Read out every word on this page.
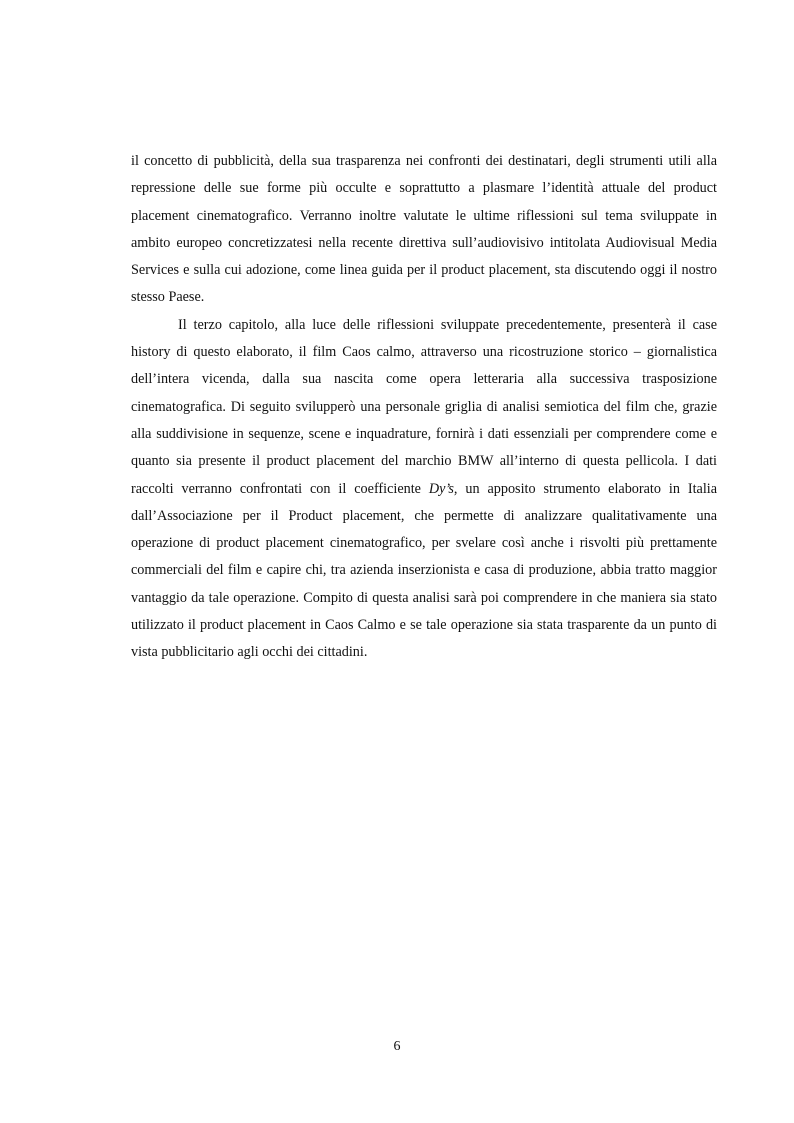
il concetto di pubblicità, della sua trasparenza nei confronti dei destinatari, degli strumenti utili alla repressione delle sue forme più occulte e soprattutto a plasmare l’identità attuale del product placement cinematografico. Verranno inoltre valutate le ultime riflessioni sul tema sviluppate in ambito europeo concretizzatesi nella recente direttiva sull’audiovisivo intitolata Audiovisual Media Services e sulla cui adozione, come linea guida per il product placement, sta discutendo oggi il nostro stesso Paese.

Il terzo capitolo, alla luce delle riflessioni sviluppate precedentemente, presenterà il case history di questo elaborato, il film Caos calmo, attraverso una ricostruzione storico – giornalistica dell’intera vicenda, dalla sua nascita come opera letteraria alla successiva trasposizione cinematografica. Di seguito svilupperò una personale griglia di analisi semiotica del film che, grazie alla suddivisione in sequenze, scene e inquadrature, fornirà i dati essenziali per comprendere come e quanto sia presente il product placement del marchio BMW all’interno di questa pellicola. I dati raccolti verranno confrontati con il coefficiente Dy’s, un apposito strumento elaborato in Italia dall’Associazione per il Product placement, che permette di analizzare qualitativamente una operazione di product placement cinematografico, per svelare così anche i risvolti più prettamente commerciali del film e capire chi, tra azienda inserzionista e casa di produzione, abbia tratto maggior vantaggio da tale operazione. Compito di questa analisi sarà poi comprendere in che maniera sia stato utilizzato il product placement in Caos Calmo e se tale operazione sia stata trasparente da un punto di vista pubblicitario agli occhi dei cittadini.

6
